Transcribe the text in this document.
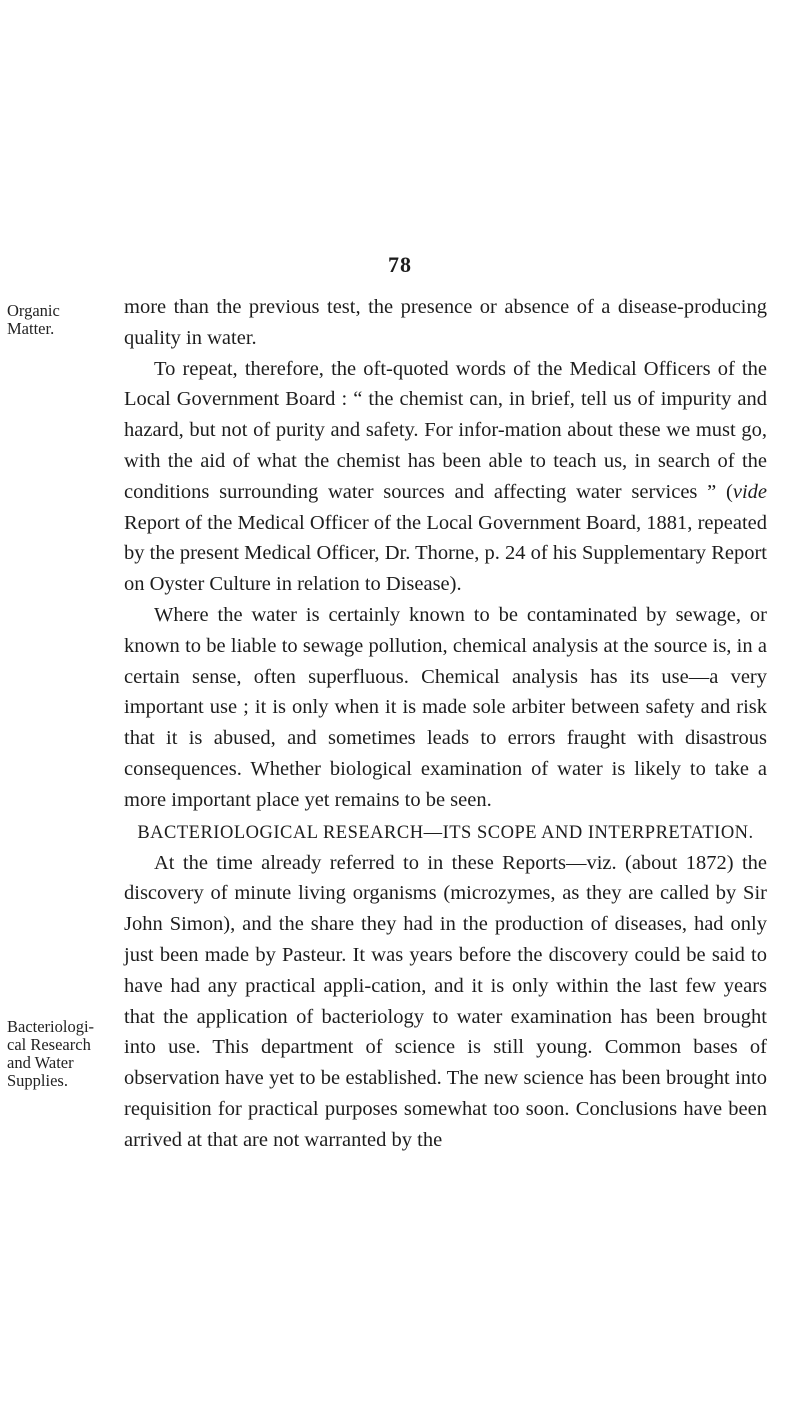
78
Organic Matter.
Bacteriologi-cal Research and Water Supplies.

more than the previous test, the presence or absence of a disease-producing quality in water.

To repeat, therefore, the oft-quoted words of the Medical Officers of the Local Government Board : “ the chemist can, in brief, tell us of impurity and hazard, but not of purity and safety. For infor-mation about these we must go, with the aid of what the chemist has been able to teach us, in search of the conditions surrounding water sources and affecting water services ” (vide Report of the Medical Officer of the Local Government Board, 1881, repeated by the present Medical Officer, Dr. Thorne, p. 24 of his Supplementary Report on Oyster Culture in relation to Disease).

Where the water is certainly known to be contaminated by sewage, or known to be liable to sewage pollution, chemical analysis at the source is, in a certain sense, often superfluous. Chemical analysis has its use—a very important use ; it is only when it is made sole arbiter between safety and risk that it is abused, and sometimes leads to errors fraught with disastrous consequences. Whether biological examination of water is likely to take a more important place yet remains to be seen.

BACTERIOLOGICAL RESEARCH—ITS SCOPE AND INTERPRETATION.

At the time already referred to in these Reports—viz. (about 1872) the discovery of minute living organisms (microzymes, as they are called by Sir John Simon), and the share they had in the production of diseases, had only just been made by Pasteur. It was years before the discovery could be said to have had any practical appli-cation, and it is only within the last few years that the application of bacteriology to water examination has been brought into use. This department of science is still young. Common bases of observation have yet to be established. The new science has been brought into requisition for practical purposes somewhat too soon. Conclusions have been arrived at that are not warranted by the
